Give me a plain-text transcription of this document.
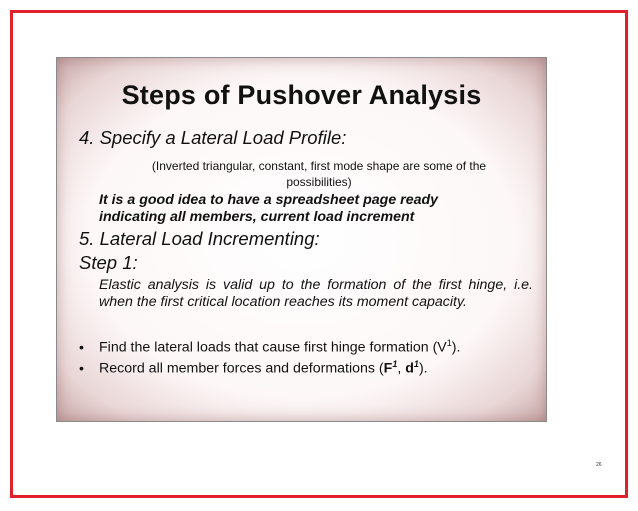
Steps of Pushover Analysis
4. Specify a Lateral Load Profile:
(Inverted triangular, constant, first mode shape are some of the
possibilities)
It is a good idea to have a spreadsheet page ready
indicating all members, current load increment
5. Lateral Load Incrementing:
Step 1:
Elastic analysis is valid up to the formation of the first hinge, i.e. when the first critical location reaches its moment capacity.
• Find the lateral loads that cause first hinge formation $(V^1)$.
• Record all member forces and deformations ($F^1$, $d^1$).
26
